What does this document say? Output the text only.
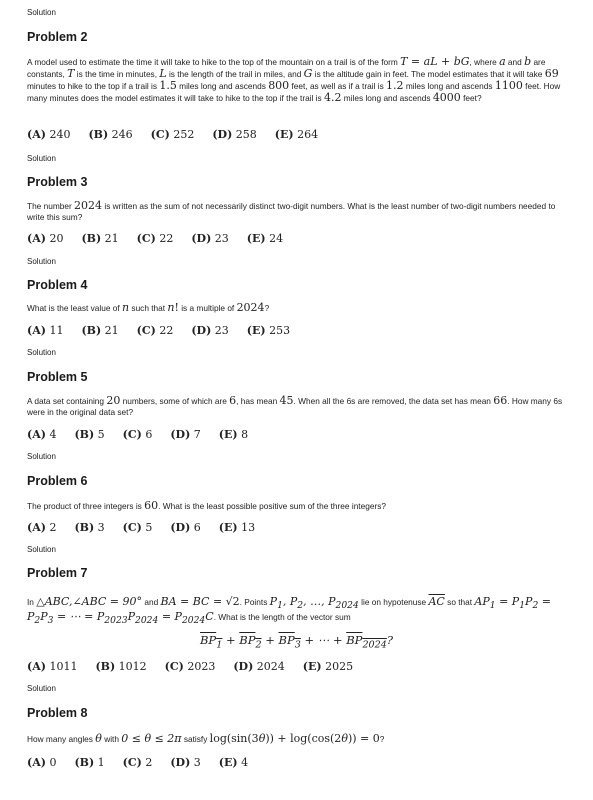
Solution
Problem 2
A model used to estimate the time it will take to hike to the top of the mountain on a trail is of the form T = aL + bG, where a and b are constants, T is the time in minutes, L is the length of the trail in miles, and G is the altitude gain in feet. The model estimates that it will take 69 minutes to hike to the top if a trail is 1.5 miles long and ascends 800 feet, as well as if a trail is 1.2 miles long and ascends 1100 feet. How many minutes does the model estimates it will take to hike to the top if the trail is 4.2 miles long and ascends 4000 feet?
(A) 240 (B) 246 (C) 252 (D) 258 (E) 264
Solution
Problem 3
The number 2024 is written as the sum of not necessarily distinct two-digit numbers. What is the least number of two-digit numbers needed to write this sum?
(A) 20 (B) 21 (C) 22 (D) 23 (E) 24
Solution
Problem 4
What is the least value of n such that n! is a multiple of 2024?
(A) 11 (B) 21 (C) 22 (D) 23 (E) 253
Solution
Problem 5
A data set containing 20 numbers, some of which are 6, has mean 45. When all the 6s are removed, the data set has mean 66. How many 6s were in the original data set?
(A) 4 (B) 5 (C) 6 (D) 7 (E) 8
Solution
Problem 6
The product of three integers is 60. What is the least possible positive sum of the three integers?
(A) 2 (B) 3 (C) 5 (D) 6 (E) 13
Solution
Problem 7
In △ABC,∠ABC = 90° and BA = BC = √2. Points $P_1$, $P_2$, …, $P_{2024}$ lie on hypotenuse $\overline{AC}$ so that $AP_1 = P_1P_2 = P_2P_3$ = ⋯ = $P_{2023}P_{2024} = P_{2024}C$. What is the length of the vector sum
$BP_1 + BP_2 + BP_3$ + ⋯ + $BP_{2024}$?
(A) 1011 (B) 1012 (C) 2023 (D) 2024 (E) 2025
Solution
Problem 8
How many angles θ with 0 ≤ θ ≤ 2π satisfy log(sin(3θ)) + log(cos(2θ)) = 0?
(A) 0 (B) 1 (C) 2 (D) 3 (E) 4
